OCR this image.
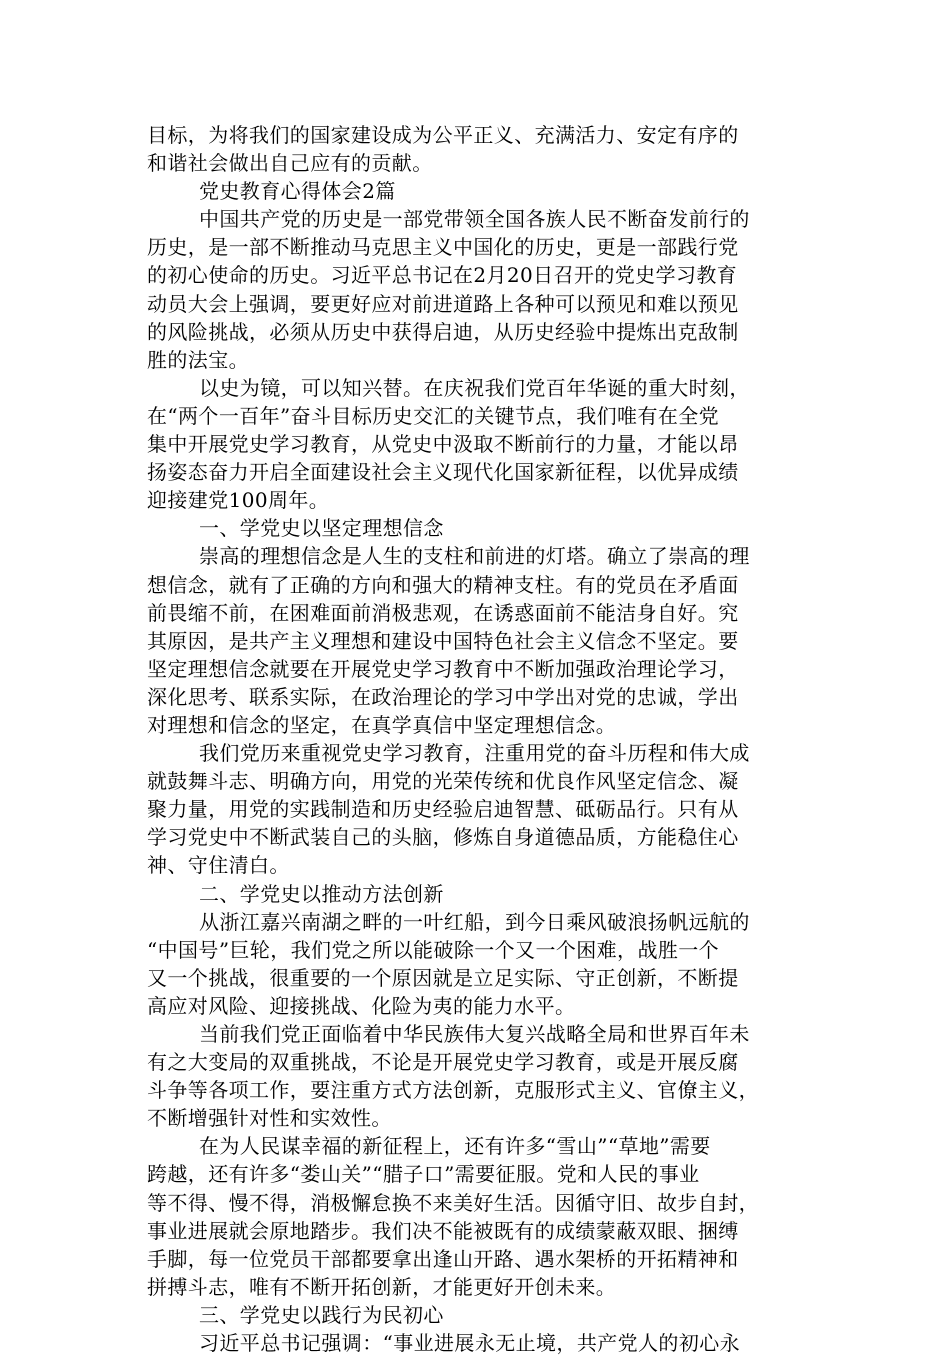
目标，为将我们的国家建设成为公平正义、充满活力、安定有序的
和谐社会做出自己应有的贡献。
党史教育心得体会2篇
中国共产党的历史是一部党带领全国各族人民不断奋发前行的
历史，是一部不断推动马克思主义中国化的历史，更是一部践行党
的初心使命的历史。习近平总书记在2月20日召开的党史学习教育
动员大会上强调，要更好应对前进道路上各种可以预见和难以预见
的风险挑战，必须从历史中获得启迪，从历史经验中提炼出克敌制
胜的法宝。
以史为镜，可以知兴替。在庆祝我们党百年华诞的重大时刻，
在“两个一百年”奋斗目标历史交汇的关键节点，我们唯有在全党
集中开展党史学习教育，从党史中汲取不断前行的力量，才能以昂
扬姿态奋力开启全面建设社会主义现代化国家新征程，以优异成绩
迎接建党100周年。
一、学党史以坚定理想信念
崇高的理想信念是人生的支柱和前进的灯塔。确立了崇高的理
想信念，就有了正确的方向和强大的精神支柱。有的党员在矛盾面
前畏缩不前，在困难面前消极悲观，在诱惑面前不能洁身自好。究
其原因，是共产主义理想和建设中国特色社会主义信念不坚定。要
坚定理想信念就要在开展党史学习教育中不断加强政治理论学习，
深化思考、联系实际，在政治理论的学习中学出对党的忠诚，学出
对理想和信念的坚定，在真学真信中坚定理想信念。
我们党历来重视党史学习教育，注重用党的奋斗历程和伟大成
就鼓舞斗志、明确方向，用党的光荣传统和优良作风坚定信念、凝
聚力量，用党的实践制造和历史经验启迪智慧、砥砺品行。只有从
学习党史中不断武装自己的头脑，修炼自身道德品质，方能稳住心
神、守住清白。
二、学党史以推动方法创新
从浙江嘉兴南湖之畔的一叶红船，到今日乘风破浪扬帆远航的
“中国号”巨轮，我们党之所以能破除一个又一个困难，战胜一个
又一个挑战，很重要的一个原因就是立足实际、守正创新，不断提
高应对风险、迎接挑战、化险为夷的能力水平。
当前我们党正面临着中华民族伟大复兴战略全局和世界百年未
有之大变局的双重挑战，不论是开展党史学习教育，或是开展反腐
斗争等各项工作，要注重方式方法创新，克服形式主义、官僚主义，
不断增强针对性和实效性。
在为人民谋幸福的新征程上，还有许多“雪山”“草地”需要
跨越，还有许多“娄山关”“腊子口”需要征服。党和人民的事业
等不得、慢不得，消极懈怠换不来美好生活。因循守旧、故步自封，
事业进展就会原地踏步。我们决不能被既有的成绩蒙蔽双眼、捆缚
手脚，每一位党员干部都要拿出逢山开路、遇水架桥的开拓精神和
拼搏斗志，唯有不断开拓创新，才能更好开创未来。
三、学党史以践行为民初心
习近平总书记强调：“事业进展永无止境，共产党人的初心永
